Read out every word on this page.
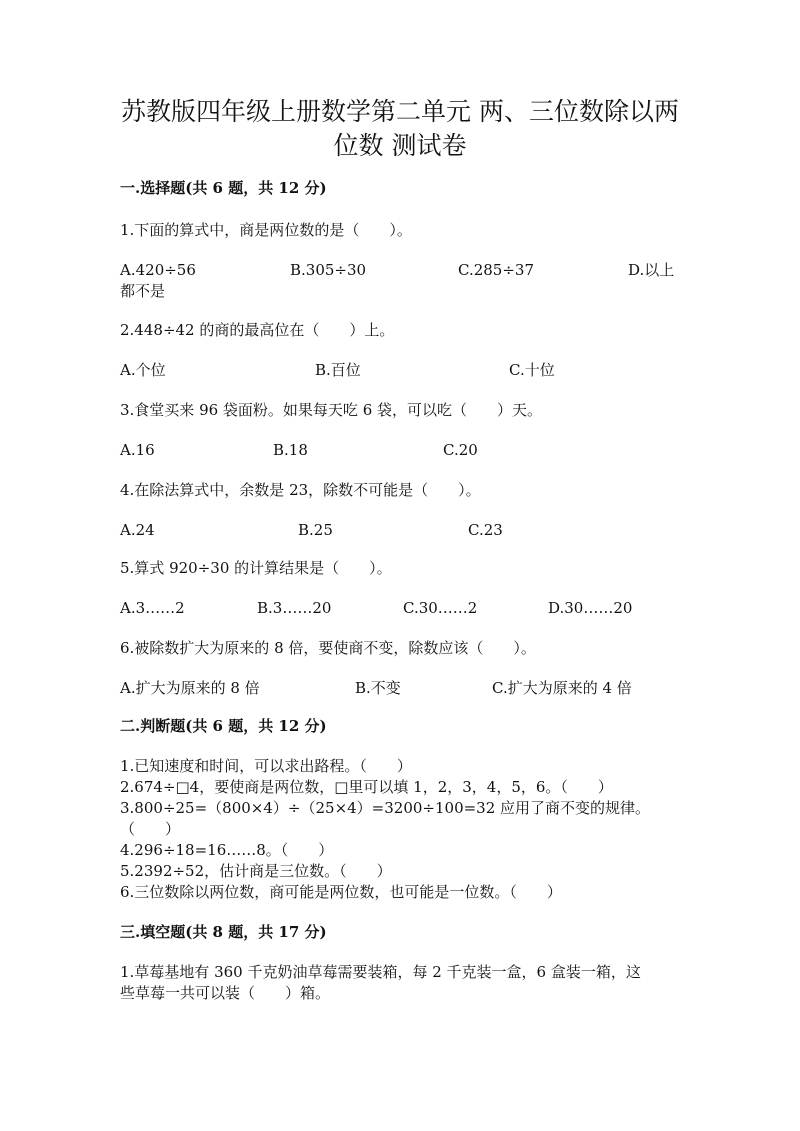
苏教版四年级上册数学第二单元 两、三位数除以两
位数 测试卷
一.选择题(共 6 题，共 12 分)
1.下面的算式中，商是两位数的是（　　）。
A.420÷56	B.305÷30	C.285÷37	D.以上
都不是
2.448÷42 的商的最高位在（　　）上。
A.个位	B.百位	C.十位
3.食堂买来 96 袋面粉。如果每天吃 6 袋，可以吃（　　）天。
A.16	B.18	C.20
4.在除法算式中，余数是 23，除数不可能是（　　）。
A.24	B.25	C.23
5.算式 920÷30 的计算结果是（　　）。
A.3……2	B.3……20	C.30……2	D.30……20
6.被除数扩大为原来的 8 倍，要使商不变，除数应该（　　）。
A.扩大为原来的 8 倍	B.不变	C.扩大为原来的 4 倍
二.判断题(共 6 题，共 12 分)
1.已知速度和时间，可以求出路程。（　　）
2.674÷□4，要使商是两位数，□里可以填 1，2，3，4，5，6。（　　）
3.800÷25=（800×4）÷（25×4）=3200÷100=32 应用了商不变的规律。
（　　）
4.296÷18=16……8。（　　）
5.2392÷52，估计商是三位数。（　　）
6.三位数除以两位数，商可能是两位数，也可能是一位数。（　　）
三.填空题(共 8 题，共 17 分)
1.草莓基地有 360 千克奶油草莓需要装箱，每 2 千克装一盒，6 盒装一箱，这
些草莓一共可以装（　　）箱。
